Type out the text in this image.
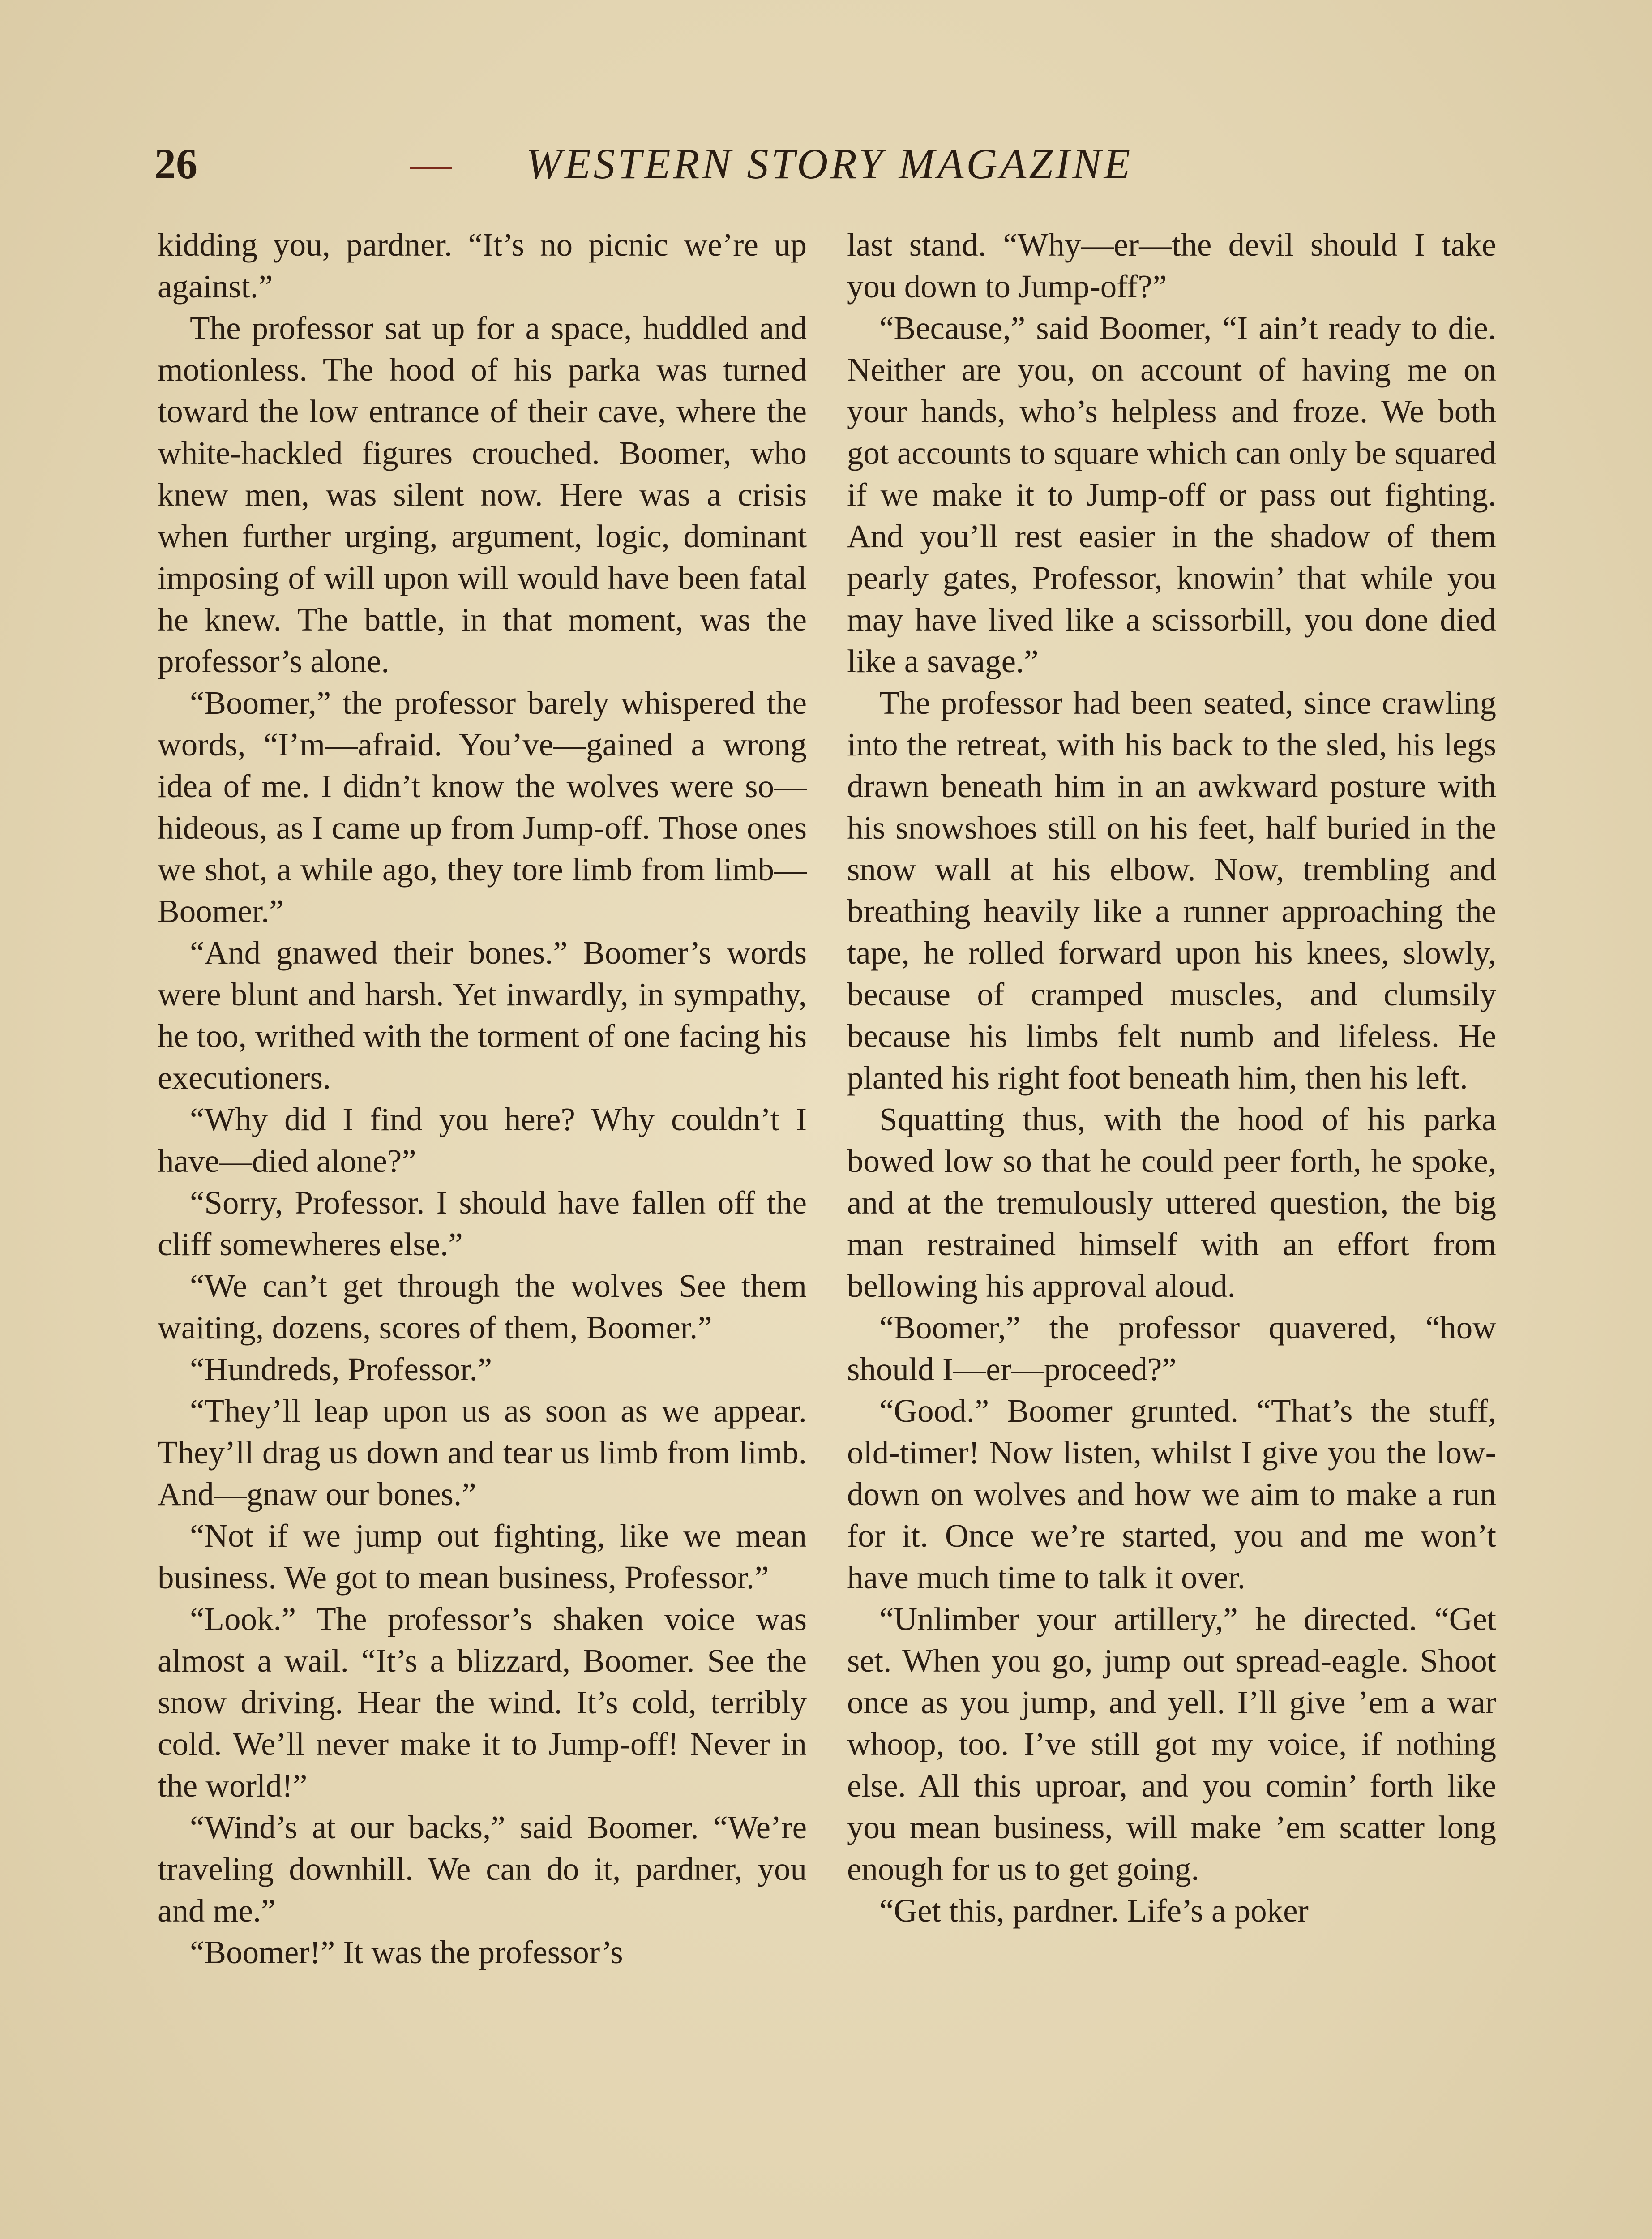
26	WESTERN STORY MAGAZINE

kidding you, pardner. “It’s no picnic we’re up against.”

The professor sat up for a space, huddled and motionless. The hood of his parka was turned toward the low entrance of their cave, where the white-hackled figures crouched. Boomer, who knew men, was silent now. Here was a crisis when further urging, argument, logic, dominant imposing of will upon will would have been fatal he knew. The battle, in that moment, was the professor’s alone.

“Boomer,” the professor barely whispered the words, “I’m—afraid. You’ve—gained a wrong idea of me. I didn’t know the wolves were so—hideous, as I came up from Jump-off. Those ones we shot, a while ago, they tore limb from limb—Boomer.”

“And gnawed their bones.” Boomer’s words were blunt and harsh. Yet inwardly, in sympathy, he too, writhed with the torment of one facing his executioners.

“Why did I find you here? Why couldn’t I have—died alone?”

“Sorry, Professor. I should have fallen off the cliff somewheres else.”

“We can’t get through the wolves See them waiting, dozens, scores of them, Boomer.”

“Hundreds, Professor.”

“They’ll leap upon us as soon as we appear. They’ll drag us down and tear us limb from limb. And—gnaw our bones.”

“Not if we jump out fighting, like we mean business. We got to mean business, Professor.”

“Look.” The professor’s shaken voice was almost a wail. “It’s a blizzard, Boomer. See the snow driving. Hear the wind. It’s cold, terribly cold. We’ll never make it to Jump-off! Never in the world!”

“Wind’s at our backs,” said Boomer. “We’re traveling downhill. We can do it, pardner, you and me.”

“Boomer!” It was the professor’s

last stand. “Why—er—the devil should I take you down to Jump-off?”

“Because,” said Boomer, “I ain’t ready to die. Neither are you, on account of having me on your hands, who’s helpless and froze. We both got accounts to square which can only be squared if we make it to Jump-off or pass out fighting. And you’ll rest easier in the shadow of them pearly gates, Professor, knowin’ that while you may have lived like a scissorbill, you done died like a savage.”

The professor had been seated, since crawling into the retreat, with his back to the sled, his legs drawn beneath him in an awkward posture with his snowshoes still on his feet, half buried in the snow wall at his elbow. Now, trembling and breathing heavily like a runner approaching the tape, he rolled forward upon his knees, slowly, because of cramped muscles, and clumsily because his limbs felt numb and lifeless. He planted his right foot beneath him, then his left.

Squatting thus, with the hood of his parka bowed low so that he could peer forth, he spoke, and at the tremulously uttered question, the big man restrained himself with an effort from bellowing his approval aloud.

“Boomer,” the professor quavered, “how should I—er—proceed?”

“Good.” Boomer grunted. “That’s the stuff, old-timer! Now listen, whilst I give you the low-down on wolves and how we aim to make a run for it. Once we’re started, you and me won’t have much time to talk it over.

“Unlimber your artillery,” he directed. “Get set. When you go, jump out spread-eagle. Shoot once as you jump, and yell. I’ll give ’em a war whoop, too. I’ve still got my voice, if nothing else. All this uproar, and you comin’ forth like you mean business, will make ’em scatter long enough for us to get going.

“Get this, pardner. Life’s a poker
